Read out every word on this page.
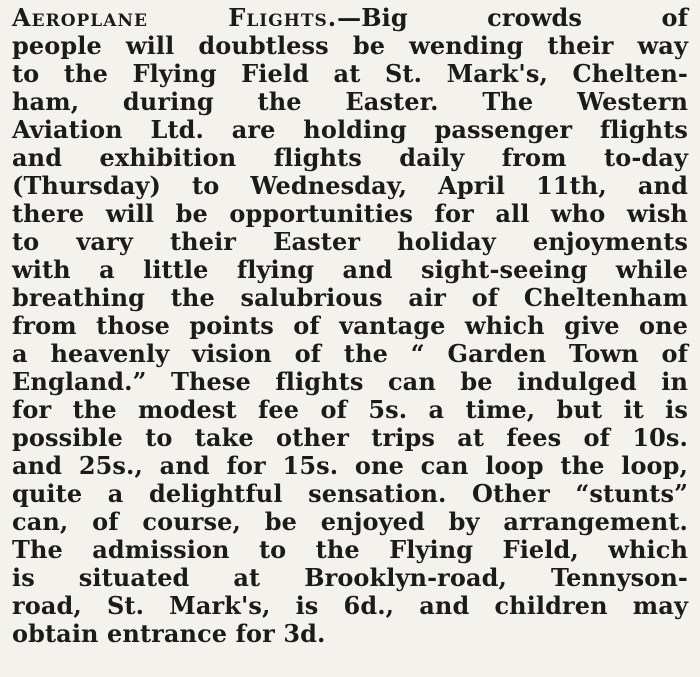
Aeroplane Flights.—Big crowds of
people will doubtless be wending their way
to the Flying Field at St. Mark's, Chelten-
ham, during the Easter. The Western
Aviation Ltd. are holding passenger flights
and exhibition flights daily from to-day
(Thursday) to Wednesday, April 11th, and
there will be opportunities for all who wish
to vary their Easter holiday enjoyments
with a little flying and sight-seeing while
breathing the salubrious air of Cheltenham
from those points of vantage which give one
a heavenly vision of the “ Garden Town of
England.” These flights can be indulged in
for the modest fee of 5s. a time, but it is
possible to take other trips at fees of 10s.
and 25s., and for 15s. one can loop the loop,
quite a delightful sensation. Other “stunts”
can, of course, be enjoyed by arrangement.
The admission to the Flying Field, which
is situated at Brooklyn-road, Tennyson-
road, St. Mark's, is 6d., and children may
obtain entrance for 3d.
